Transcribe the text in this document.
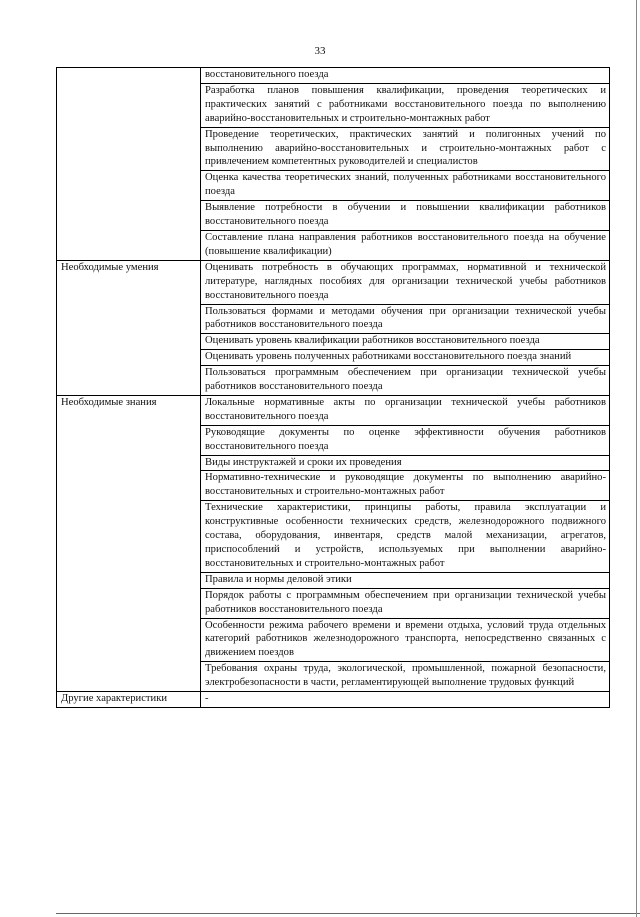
33
	восстановительного поезда
	Разработка планов повышения квалификации, проведения теоретических и практических занятий с работниками восстановительного поезда по выполнению аварийно-восстановительных и строительно-монтажных работ
	Проведение теоретических, практических занятий и полигонных учений по выполнению аварийно-восстановительных и строительно-монтажных работ с привлечением компетентных руководителей и специалистов
	Оценка качества теоретических знаний, полученных работниками восстановительного поезда
	Выявление потребности в обучении и повышении квалификации работников восстановительного поезда
	Составление плана направления работников восстановительного поезда на обучение (повышение квалификации)
Необходимые умения	Оценивать потребность в обучающих программах, нормативной и технической литературе, наглядных пособиях для организации технической учебы работников восстановительного поезда
	Пользоваться формами и методами обучения при организации технической учебы работников восстановительного поезда
	Оценивать уровень квалификации работников восстановительного поезда
	Оценивать уровень полученных работниками восстановительного поезда знаний
	Пользоваться программным обеспечением при организации технической учебы работников восстановительного поезда
Необходимые знания	Локальные нормативные акты по организации технической учебы работников восстановительного поезда
	Руководящие документы по оценке эффективности обучения работников восстановительного поезда
	Виды инструктажей и сроки их проведения
	Нормативно-технические и руководящие документы по выполнению аварийно-восстановительных и строительно-монтажных работ
	Технические характеристики, принципы работы, правила эксплуатации и конструктивные особенности технических средств, железнодорожного подвижного состава, оборудования, инвентаря, средств малой механизации, агрегатов, приспособлений и устройств, используемых при выполнении аварийно-восстановительных и строительно-монтажных работ
	Правила и нормы деловой этики
	Порядок работы с программным обеспечением при организации технической учебы работников восстановительного поезда
	Особенности режима рабочего времени и времени отдыха, условий труда отдельных категорий работников железнодорожного транспорта, непосредственно связанных с движением поездов
	Требования охраны труда, экологической, промышленной, пожарной безопасности, электробезопасности в части, регламентирующей выполнение трудовых функций
Другие характеристики	-
